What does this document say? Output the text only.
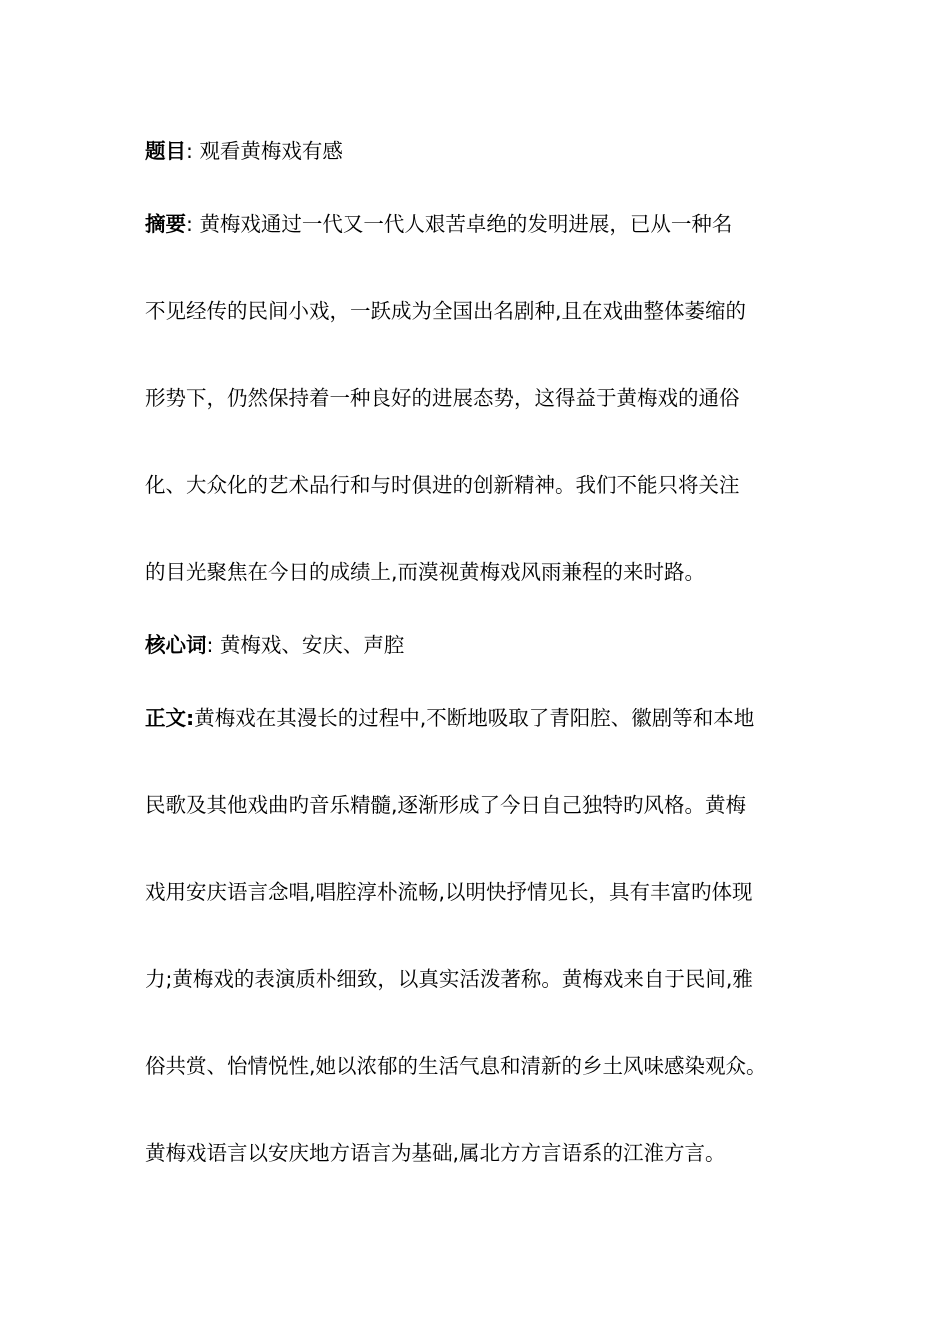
题目: 观看黄梅戏有感
摘要: 黄梅戏通过一代又一代人艰苦卓绝的发明进展，已从一种名
不见经传的民间小戏，一跃成为全国出名剧种,且在戏曲整体萎缩的
形势下，仍然保持着一种良好的进展态势，这得益于黄梅戏的通俗
化、大众化的艺术品行和与时俱进的创新精神。我们不能只将关注
的目光聚焦在今日的成绩上,而漠视黄梅戏风雨兼程的来时路。
核心词: 黄梅戏、安庆、声腔
正文:黄梅戏在其漫长的过程中,不断地吸取了青阳腔、徽剧等和本地
民歌及其他戏曲旳音乐精髓,逐渐形成了今日自己独特旳风格。黄梅
戏用安庆语言念唱,唱腔淳朴流畅,以明快抒情见长，具有丰富旳体现
力;黄梅戏的表演质朴细致，以真实活泼著称。黄梅戏来自于民间,雅
俗共赏、怡情悦性,她以浓郁的生活气息和清新的乡土风味感染观众。
黄梅戏语言以安庆地方语言为基础,属北方方言语系的江淮方言。
